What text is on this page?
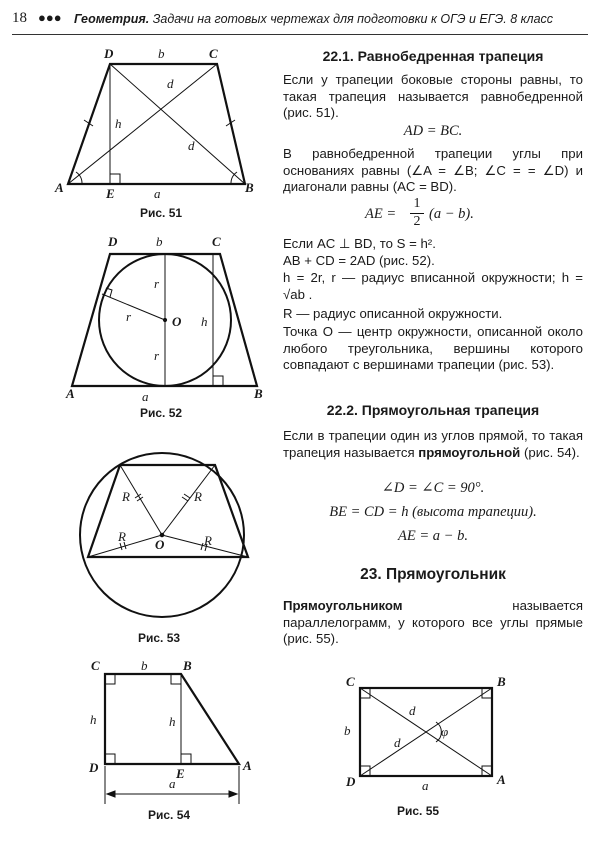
18 ●●● Геометрия. Задачи на готовых чертежах для подготовки к ОГЭ и ЕГЭ. 8 класс
D	C
b
d
d
h
A	E	a	B
Рис. 51
D	b	C
r
r	O h
r
A	a	B
Рис. 52
R	R
R	R
O
Рис. 53
C	b	B
h	h
D	E
A
a
Рис. 54
22.1. Равнобедренная трапеция
Если у трапеции боковые стороны равны, то такая трапеция называется равнобедренной (рис. 51).
AD = BC.
В равнобедренной трапеции углы при основаниях равны (∠A = ∠B; ∠C = = ∠D) и диагонали равны (AC = BD).
AE =
1
2 (a − b).
Если AC ⊥ BD, то S = h².
AB + CD = 2AD (рис. 52).
h = 2r, r — радиус вписанной окружности; h = √ab .
R — радиус описанной окружности.
Точка O — центр окружности, описанной около любого треугольника, вершины которого совпадают с вершинами трапеции (рис. 53).
22.2. Прямоугольная трапеция
Если в трапеции один из углов прямой, то такая трапеция называется прямоугольной (рис. 54).
∠D = ∠C = 90°.
BE = CD = h (высота трапеции).
AE = a − b.
23. Прямоугольник
Прямоугольником	называется параллелограмм, у которого все углы прямые (рис. 55).
C	B
d
φ
b
d
D	a	A
Рис. 55
